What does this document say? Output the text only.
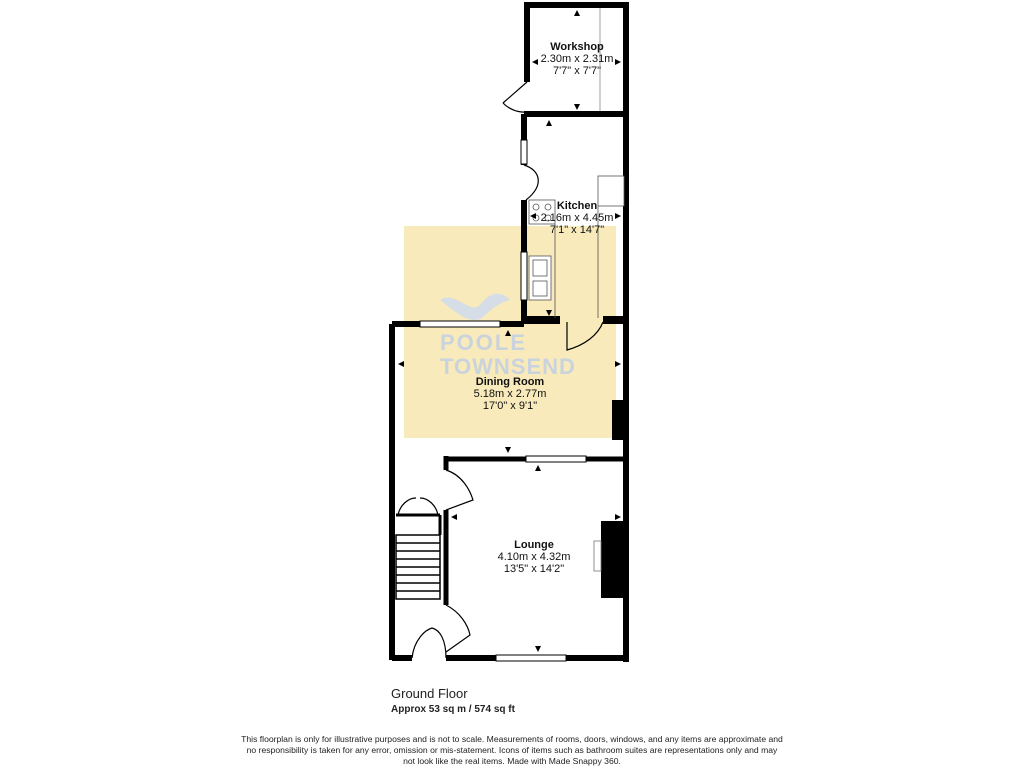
POOLE
TOWNSEND
Workshop
2.30m x 2.31m
7'7" x 7'7"
Kitchen
2.16m x 4.45m
7'1" x 14'7"
Dining Room
5.18m x 2.77m
17'0" x 9'1"
Lounge
4.10m x 4.32m
13'5" x 14'2"
Ground Floor
Approx 53 sq m / 574 sq ft
This floorplan is only for illustrative purposes and is not to scale. Measurements of rooms, doors, windows, and any items are approximate and no responsibility is taken for any error, omission or mis-statement. Icons of items such as bathroom suites are representations only and may not look like the real items. Made with Made Snappy 360.
